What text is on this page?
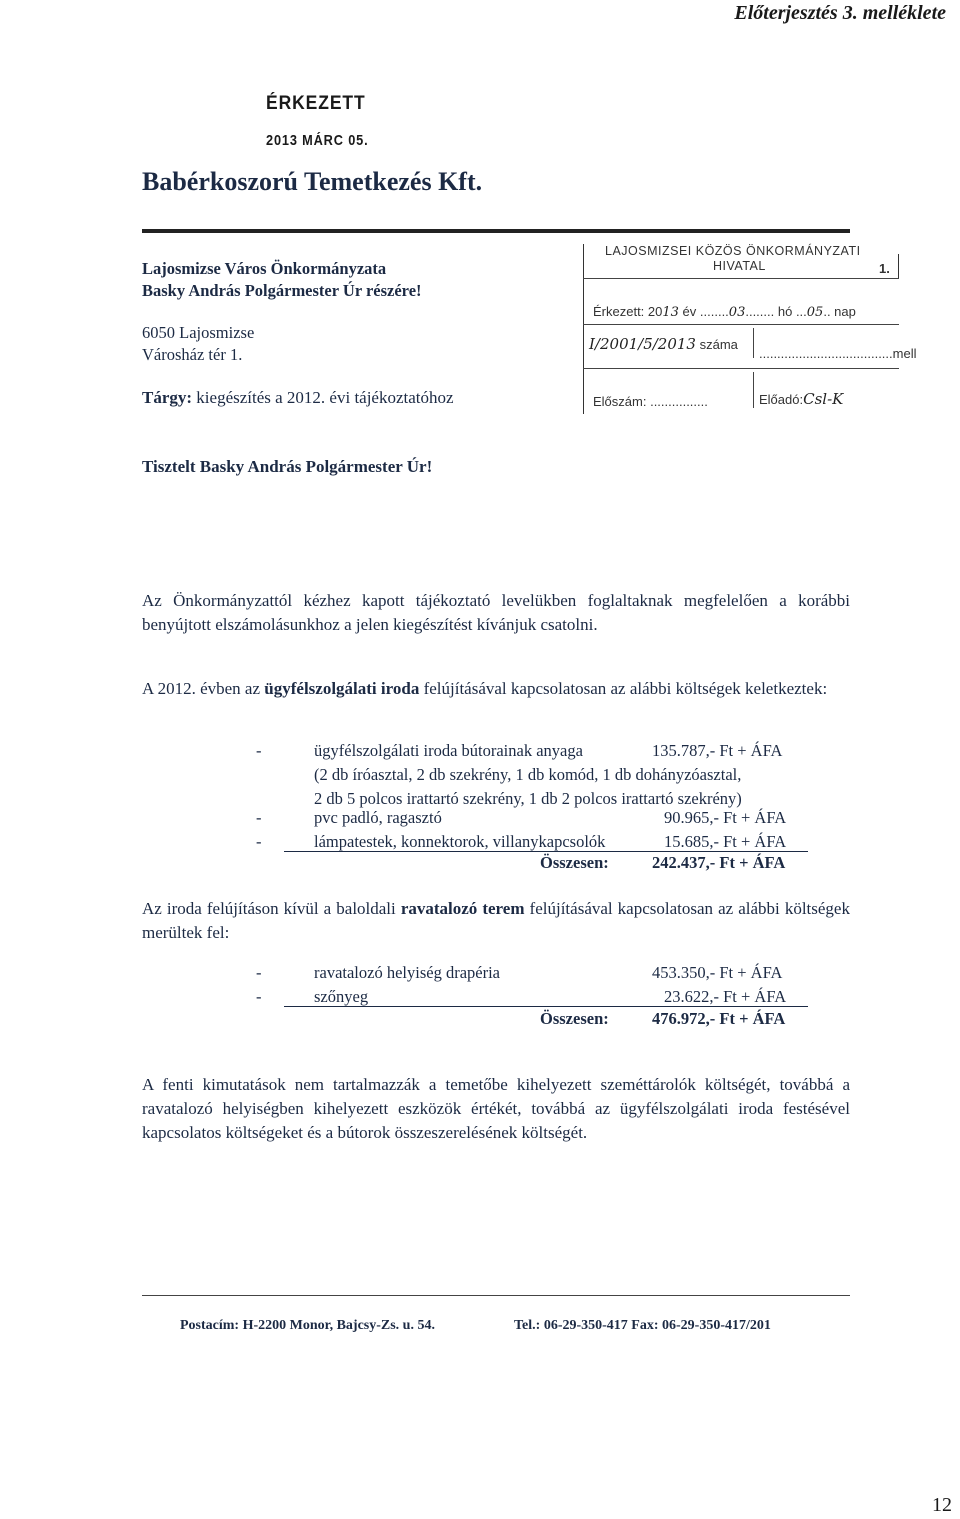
Előterjesztés 3. melléklete
ÉRKEZETT
2013 MÁRC 05.
Babérkoszorú Temetkezés Kft.
Lajosmizse Város Önkormányzata
Basky András Polgármester Úr részére!
6050 Lajosmizse
Városház tér 1.
Tárgy: kiegészítés a 2012. évi tájékoztatóhoz
LAJOSMIZSEI KÖZÖS ÖNKORMÁNYZATI
HIVATAL	1.
Érkezett: 2013 év ........03........ hó ...05.. nap
I/2001/5/2013 száma
.....................................mell
Előszám: ................	Előadó:Csl-K
Tisztelt Basky András Polgármester Úr!
Az Önkormányzattól kézhez kapott tájékoztató levelükben foglaltaknak megfelelően a korábbi benyújtott elszámolásunkhoz a jelen kiegészítést kívánjuk csatolni.
A 2012. évben az ügyfélszolgálati iroda felújításával kapcsolatosan az alábbi költségek keletkeztek:
-	ügyfélszolgálati iroda bútorainak anyaga	135.787,- Ft + ÁFA
(2 db íróasztal, 2 db szekrény, 1 db komód, 1 db dohányzóasztal,
2 db 5 polcos irattartó szekrény, 1 db 2 polcos irattartó szekrény)
-	pvc padló, ragasztó	90.965,- Ft + ÁFA
-	lámpatestek, konnektorok, villanykapcsolók	15.685,- Ft + ÁFA
Összesen:	242.437,- Ft + ÁFA
Az iroda felújításon kívül a baloldali ravatalozó terem felújításával kapcsolatosan az alábbi költségek merültek fel:
-	ravatalozó helyiség drapéria	453.350,- Ft + ÁFA
-	szőnyeg	23.622,- Ft + ÁFA
Összesen:	476.972,- Ft + ÁFA
A fenti kimutatások nem tartalmazzák a temetőbe kihelyezett szeméttárolók költségét, továbbá a ravatalozó helyiségben kihelyezett eszközök értékét, továbbá az ügyfélszolgálati iroda festésével kapcsolatos költségeket és a bútorok összeszerelésének költségét.
Postacím: H-2200 Monor, Bajcsy-Zs. u. 54.	Tel.: 06-29-350-417 Fax: 06-29-350-417/201
12
